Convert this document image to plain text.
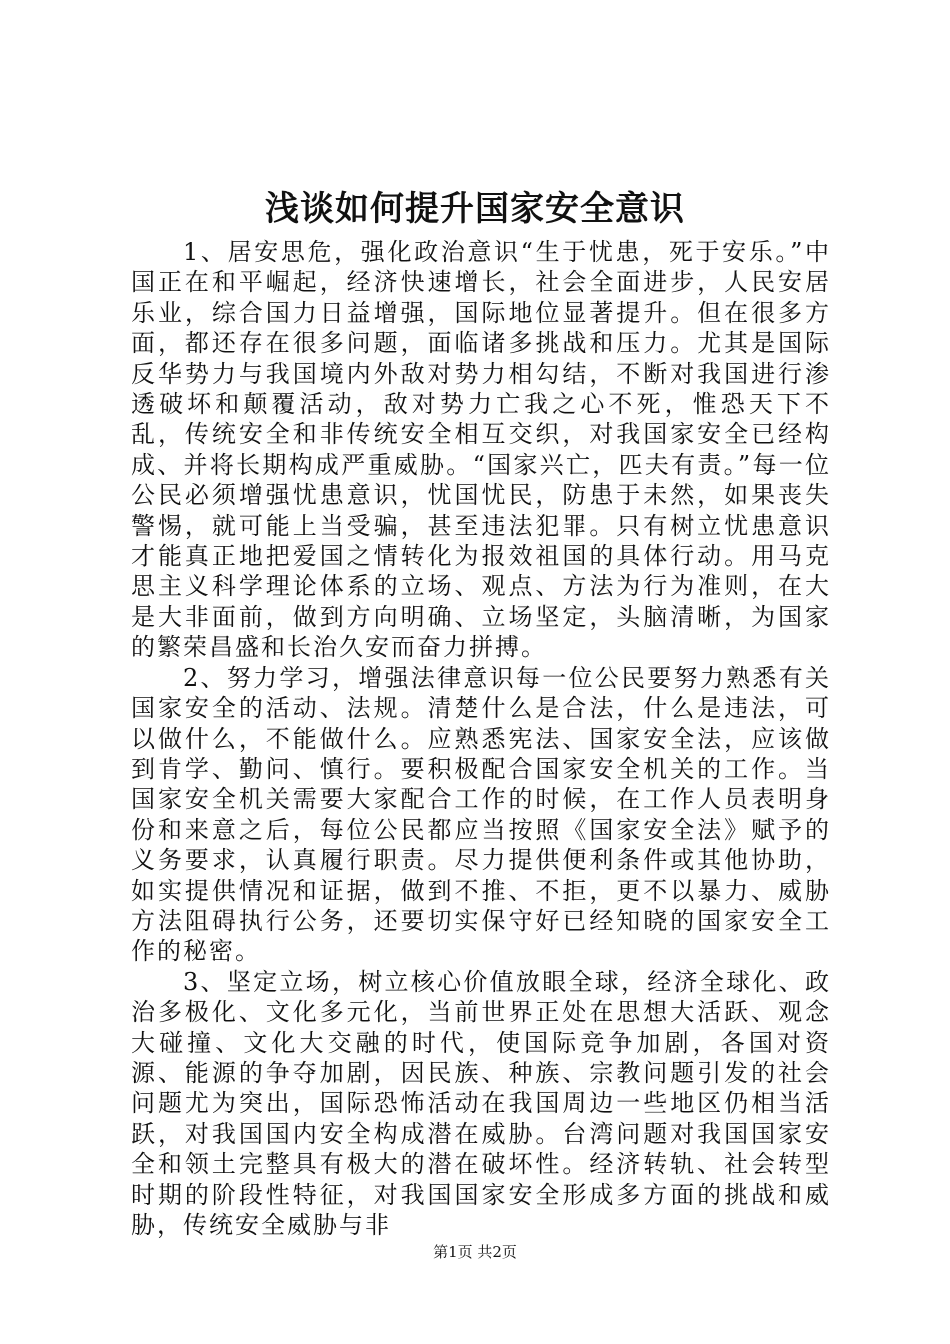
浅谈如何提升国家安全意识

1、居安思危，强化政治意识“生于忧患，死于安乐。”中国正在和平崛起，经济快速增长，社会全面进步，人民安居乐业，综合国力日益增强，国际地位显著提升。但在很多方面，都还存在很多问题，面临诸多挑战和压力。尤其是国际反华势力与我国境内外敌对势力相勾结，不断对我国进行渗透破坏和颠覆活动，敌对势力亡我之心不死，惟恐天下不乱，传统安全和非传统安全相互交织，对我国家安全已经构成、并将长期构成严重威胁。“国家兴亡，匹夫有责。”每一位公民必须增强忧患意识，忧国忧民，防患于未然，如果丧失警惕，就可能上当受骗，甚至违法犯罪。只有树立忧患意识才能真正地把爱国之情转化为报效祖国的具体行动。用马克思主义科学理论体系的立场、观点、方法为行为准则，在大是大非面前，做到方向明确、立场坚定，头脑清晰，为国家的繁荣昌盛和长治久安而奋力拼搏。

2、努力学习，增强法律意识每一位公民要努力熟悉有关国家安全的活动、法规。清楚什么是合法，什么是违法，可以做什么，不能做什么。应熟悉宪法、国家安全法，应该做到肯学、勤问、慎行。要积极配合国家安全机关的工作。当国家安全机关需要大家配合工作的时候，在工作人员表明身份和来意之后，每位公民都应当按照《国家安全法》赋予的义务要求，认真履行职责。尽力提供便利条件或其他协助，如实提供情况和证据，做到不推、不拒，更不以暴力、威胁方法阻碍执行公务，还要切实保守好已经知晓的国家安全工作的秘密。

3、坚定立场，树立核心价值放眼全球，经济全球化、政治多极化、文化多元化，当前世界正处在思想大活跃、观念大碰撞、文化大交融的时代，使国际竞争加剧，各国对资源、能源的争夺加剧，因民族、种族、宗教问题引发的社会问题尤为突出，国际恐怖活动在我国周边一些地区仍相当活跃，对我国国内安全构成潜在威胁。台湾问题对我国国家安全和领土完整具有极大的潜在破坏性。经济转轨、社会转型时期的阶段性特征，对我国国家安全形成多方面的挑战和威胁，传统安全威胁与非

第1页 共2页
